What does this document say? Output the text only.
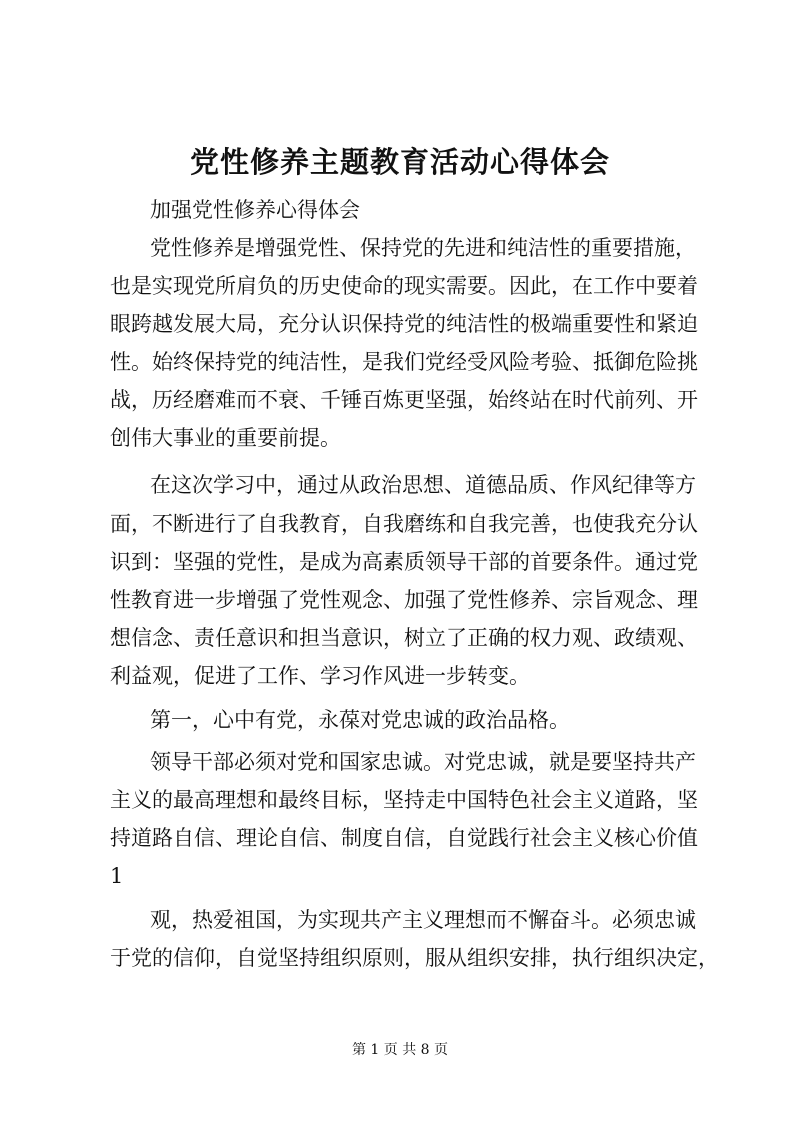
党性修养主题教育活动心得体会
加强党性修养心得体会
党性修养是增强党性、保持党的先进和纯洁性的重要措施，
也是实现党所肩负的历史使命的现实需要。因此，在工作中要着
眼跨越发展大局，充分认识保持党的纯洁性的极端重要性和紧迫
性。始终保持党的纯洁性，是我们党经受风险考验、抵御危险挑
战，历经磨难而不衰、千锤百炼更坚强，始终站在时代前列、开
创伟大事业的重要前提。
在这次学习中，通过从政治思想、道德品质、作风纪律等方
面，不断进行了自我教育，自我磨练和自我完善，也使我充分认
识到：坚强的党性，是成为高素质领导干部的首要条件。通过党
性教育进一步增强了党性观念、加强了党性修养、宗旨观念、理
想信念、责任意识和担当意识，树立了正确的权力观、政绩观、
利益观，促进了工作、学习作风进一步转变。
第一，心中有党，永葆对党忠诚的政治品格。
领导干部必须对党和国家忠诚。对党忠诚，就是要坚持共产
主义的最高理想和最终目标，坚持走中国特色社会主义道路，坚
持道路自信、理论自信、制度自信，自觉践行社会主义核心价值
1
观，热爱祖国，为实现共产主义理想而不懈奋斗。必须忠诚
于党的信仰，自觉坚持组织原则，服从组织安排，执行组织决定，
第 1 页 共 8 页
